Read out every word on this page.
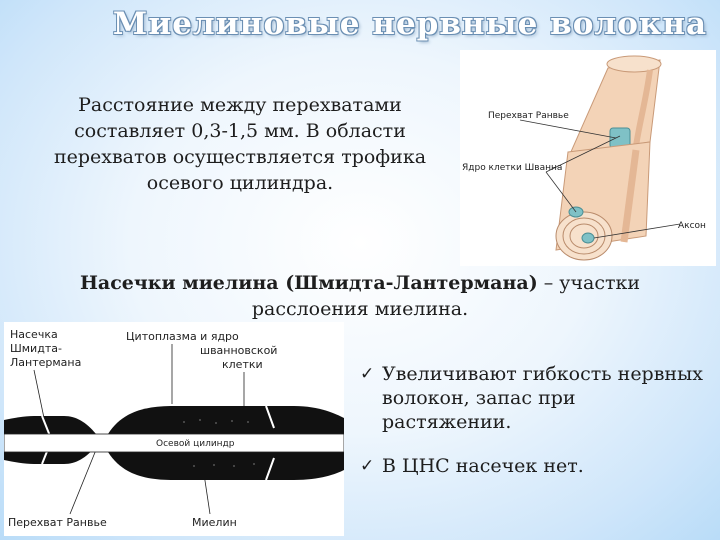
Миелиновые нервные волокна
Расстояние между перехватами составляет 0,3-1,5 мм. В области перехватов осуществляется трофика осевого цилиндра.
Перехват Ранвье
Ядро клетки Шванна
Аксон
Насечки миелина (Шмидта-Лантермана) – участки расслоения миелина.
Насечка
Шмидта-
Лантермана
Цитоплазма и ядро
шванновской
клетки
Осевой цилиндр
Перехват Ранвье	Миелин
✓ Увеличивают гибкость нервных волокон, запас при растяжении.
✓ В ЦНС насечек нет.
